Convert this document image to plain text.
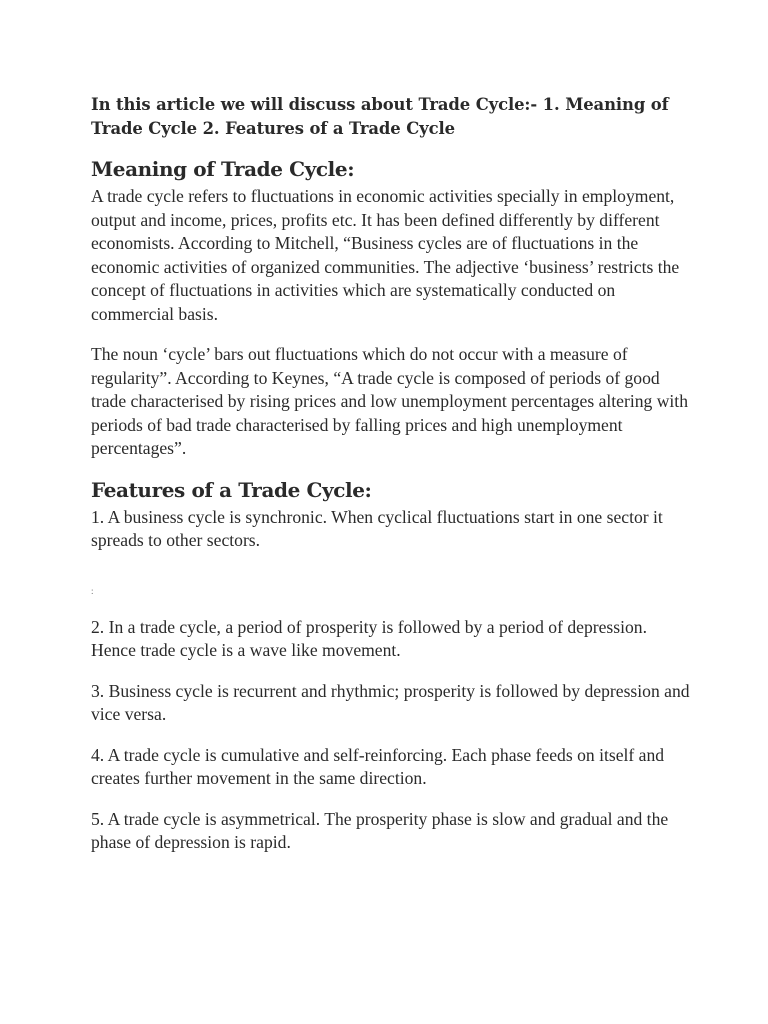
In this article we will discuss about Trade Cycle:- 1. Meaning of Trade Cycle 2. Features of a Trade Cycle
Meaning of Trade Cycle:

A trade cycle refers to fluctuations in economic activities specially in employment, output and income, prices, profits etc. It has been defined differently by different economists. According to Mitchell, “Business cycles are of fluctuations in the economic activities of organized communities. The adjective ‘business’ restricts the concept of fluctuations in activities which are systematically conducted on commercial basis.

The noun ‘cycle’ bars out fluctuations which do not occur with a measure of regularity”. According to Keynes, “A trade cycle is composed of periods of good trade characterised by rising prices and low unemployment percentages altering with periods of bad trade characterised by falling prices and high unemployment percentages”.

Features of a Trade Cycle:

1. A business cycle is synchronic. When cyclical fluctuations start in one sector it spreads to other sectors.

:

2. In a trade cycle, a period of prosperity is followed by a period of depression. Hence trade cycle is a wave like movement.

3. Business cycle is recurrent and rhythmic; prosperity is followed by depression and vice versa.

4. A trade cycle is cumulative and self-reinforcing. Each phase feeds on itself and creates further movement in the same direction.

5. A trade cycle is asymmetrical. The prosperity phase is slow and gradual and the phase of depression is rapid.
